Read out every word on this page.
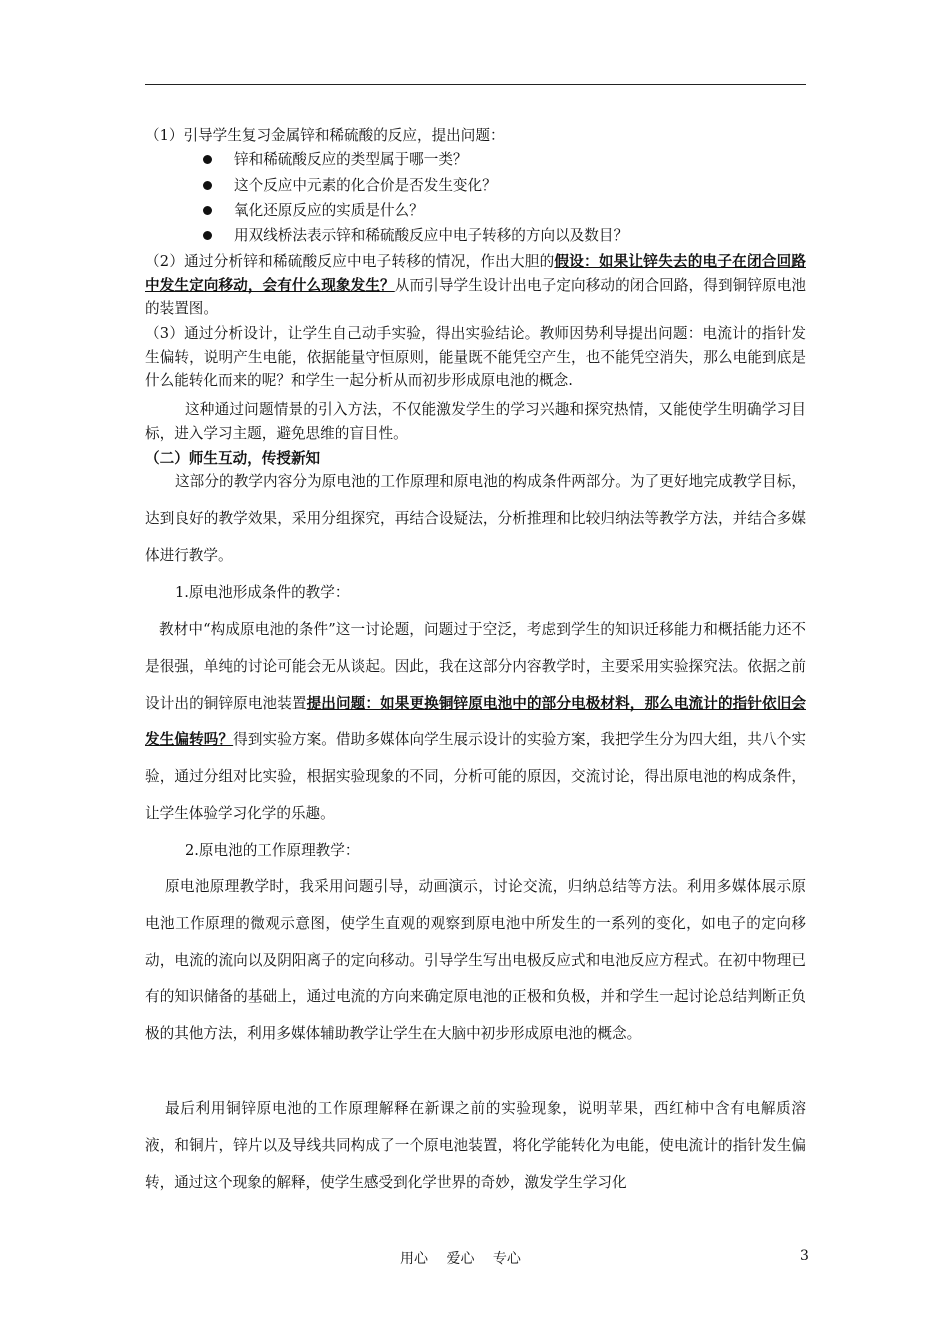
（1）引导学生复习金属锌和稀硫酸的反应，提出问题：

锌和稀硫酸反应的类型属于哪一类？
这个反应中元素的化合价是否发生变化？
氧化还原反应的实质是什么？
用双线桥法表示锌和稀硫酸反应中电子转移的方向以及数目？

（2）通过分析锌和稀硫酸反应中电子转移的情况，作出大胆的假设：如果让锌失去的电子在闭合回路中发生定向移动，会有什么现象发生？从而引导学生设计出电子定向移动的闭合回路，得到铜锌原电池的装置图。

（3）通过分析设计，让学生自己动手实验，得出实验结论。教师因势利导提出问题：电流计的指针发生偏转，说明产生电能，依据能量守恒原则，能量既不能凭空产生，也不能凭空消失，那么电能到底是什么能转化而来的呢？和学生一起分析从而初步形成原电池的概念.

这种通过问题情景的引入方法，不仅能激发学生的学习兴趣和探究热情，又能使学生明确学习目标，进入学习主题，避免思维的盲目性。

（二）师生互动，传授新知

这部分的教学内容分为原电池的工作原理和原电池的构成条件两部分。为了更好地完成教学目标，达到良好的教学效果，采用分组探究，再结合设疑法，分析推理和比较归纳法等教学方法，并结合多媒体进行教学。

1.原电池形成条件的教学：

教材中“构成原电池的条件”这一讨论题，问题过于空泛，考虑到学生的知识迁移能力和概括能力还不是很强，单纯的讨论可能会无从谈起。因此，我在这部分内容教学时，主要采用实验探究法。依据之前设计出的铜锌原电池装置提出问题：如果更换铜锌原电池中的部分电极材料，那么电流计的指针依旧会发生偏转吗？得到实验方案。借助多媒体向学生展示设计的实验方案，我把学生分为四大组，共八个实验，通过分组对比实验，根据实验现象的不同，分析可能的原因，交流讨论，得出原电池的构成条件，让学生体验学习化学的乐趣。

2.原电池的工作原理教学：

原电池原理教学时，我采用问题引导，动画演示，讨论交流，归纳总结等方法。利用多媒体展示原电池工作原理的微观示意图，使学生直观的观察到原电池中所发生的一系列的变化，如电子的定向移动，电流的流向以及阴阳离子的定向移动。引导学生写出电极反应式和电池反应方程式。在初中物理已有的知识储备的基础上，通过电流的方向来确定原电池的正极和负极，并和学生一起讨论总结判断正负极的其他方法，利用多媒体辅助教学让学生在大脑中初步形成原电池的概念。

最后利用铜锌原电池的工作原理解释在新课之前的实验现象，说明苹果，西红柿中含有电解质溶液，和铜片，锌片以及导线共同构成了一个原电池装置，将化学能转化为电能，使电流计的指针发生偏转，通过这个现象的解释，使学生感受到化学世界的奇妙，激发学生学习化

用心　 爱心　 专心	3
